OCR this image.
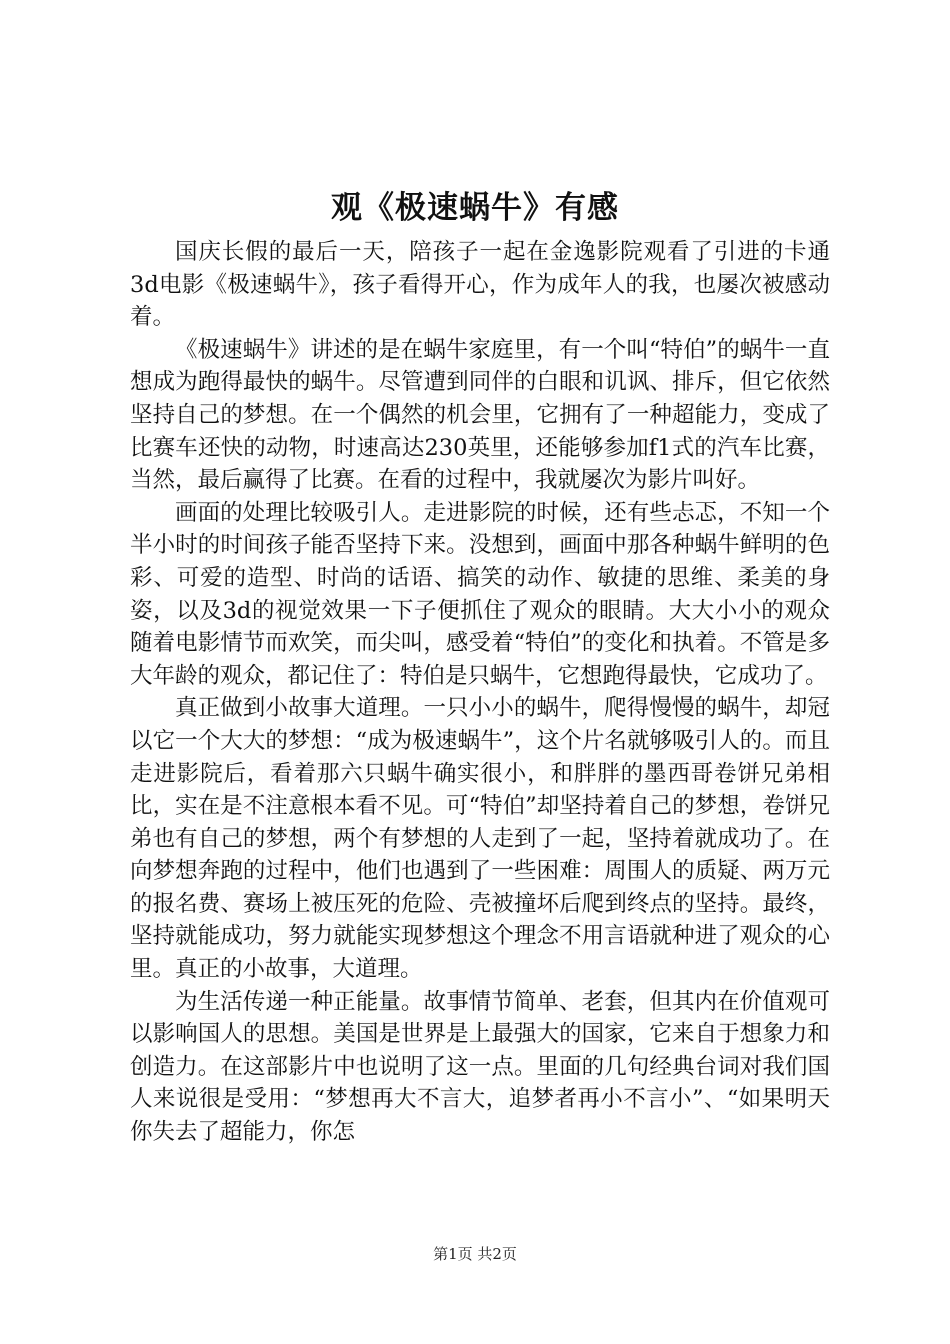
观《极速蜗牛》有感

国庆长假的最后一天，陪孩子一起在金逸影院观看了引进的卡通3d电影《极速蜗牛》，孩子看得开心，作为成年人的我，也屡次被感动着。

《极速蜗牛》讲述的是在蜗牛家庭里，有一个叫“特伯”的蜗牛一直想成为跑得最快的蜗牛。尽管遭到同伴的白眼和讥讽、排斥，但它依然坚持自己的梦想。在一个偶然的机会里，它拥有了一种超能力，变成了比赛车还快的动物，时速高达230英里，还能够参加f1式的汽车比赛，当然，最后赢得了比赛。在看的过程中，我就屡次为影片叫好。

画面的处理比较吸引人。走进影院的时候，还有些忐忑，不知一个半小时的时间孩子能否坚持下来。没想到，画面中那各种蜗牛鲜明的色彩、可爱的造型、时尚的话语、搞笑的动作、敏捷的思维、柔美的身姿，以及3d的视觉效果一下子便抓住了观众的眼睛。大大小小的观众随着电影情节而欢笑，而尖叫，感受着“特伯”的变化和执着。不管是多大年龄的观众，都记住了：特伯是只蜗牛，它想跑得最快，它成功了。

真正做到小故事大道理。一只小小的蜗牛，爬得慢慢的蜗牛，却冠以它一个大大的梦想：“成为极速蜗牛”，这个片名就够吸引人的。而且走进影院后，看着那六只蜗牛确实很小，和胖胖的墨西哥卷饼兄弟相比，实在是不注意根本看不见。可“特伯”却坚持着自己的梦想，卷饼兄弟也有自己的梦想，两个有梦想的人走到了一起，坚持着就成功了。在向梦想奔跑的过程中，他们也遇到了一些困难：周围人的质疑、两万元的报名费、赛场上被压死的危险、壳被撞坏后爬到终点的坚持。最终，坚持就能成功，努力就能实现梦想这个理念不用言语就种进了观众的心里。真正的小故事，大道理。

为生活传递一种正能量。故事情节简单、老套，但其内在价值观可以影响国人的思想。美国是世界是上最强大的国家，它来自于想象力和创造力。在这部影片中也说明了这一点。里面的几句经典台词对我们国人来说很是受用：“梦想再大不言大，追梦者再小不言小”、“如果明天你失去了超能力，你怎

第1页 共2页
